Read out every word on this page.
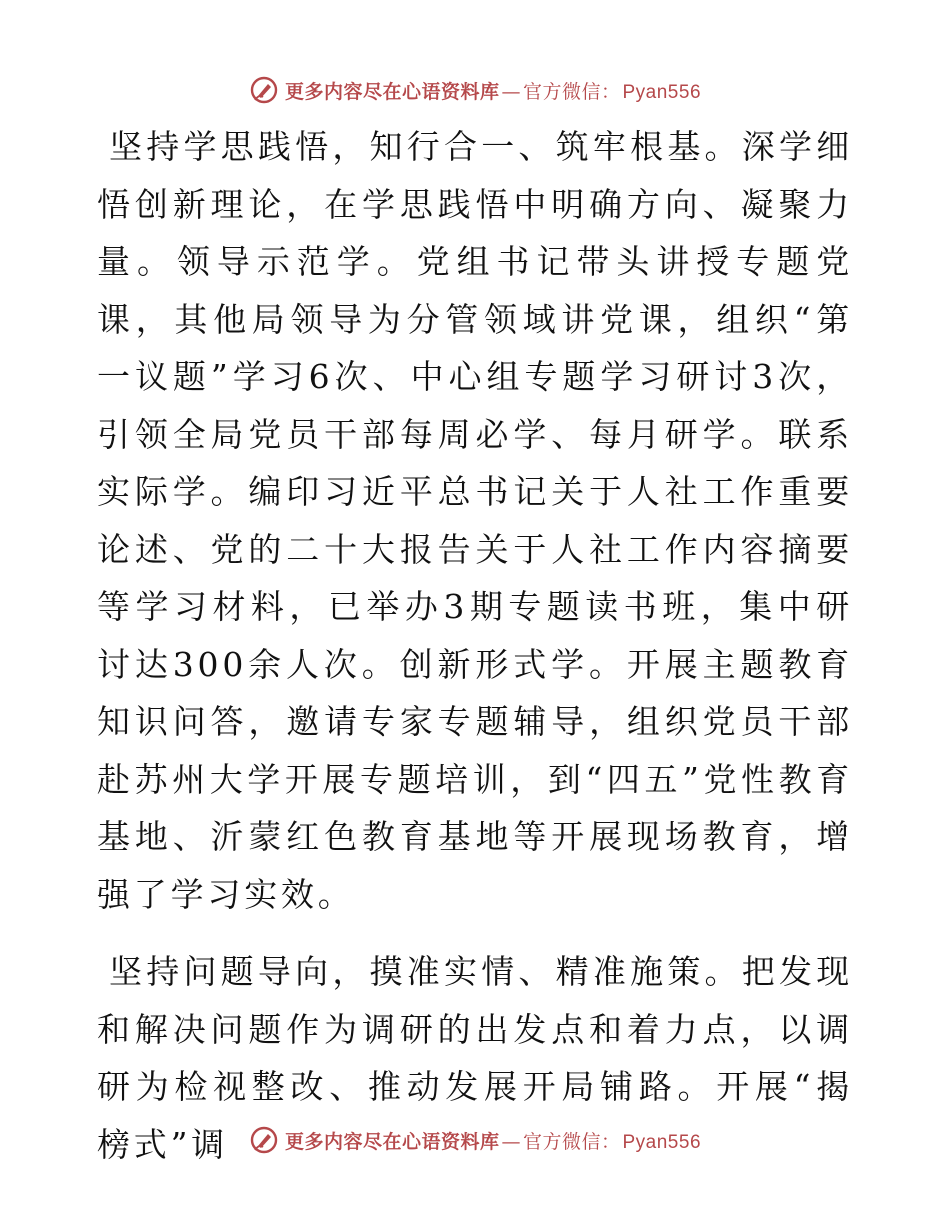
更多内容尽在心语资料库 — 官方微信： Pyan556

坚持学思践悟，知行合一、筑牢根基。深学细悟创新理论，在学思践悟中明确方向、凝聚力量。领导示范学。党组书记带头讲授专题党课，其他局领导为分管领域讲党课，组织“第一议题”学习6次、中心组专题学习研讨3次，引领全局党员干部每周必学、每月研学。联系实际学。编印习近平总书记关于人社工作重要论述、党的二十大报告关于人社工作内容摘要等学习材料，已举办3期专题读书班，集中研讨达300余人次。创新形式学。开展主题教育知识问答，邀请专家专题辅导，组织党员干部赴苏州大学开展专题培训，到“四五”党性教育基地、沂蒙红色教育基地等开展现场教育，增强了学习实效。

坚持问题导向，摸准实情、精准施策。把发现和解决问题作为调研的出发点和着力点，以调研为检视整改、推动发展开局铺路。开展“揭榜式”调	更多内容尽在心语资料库 — 官方微信： Pyan556
